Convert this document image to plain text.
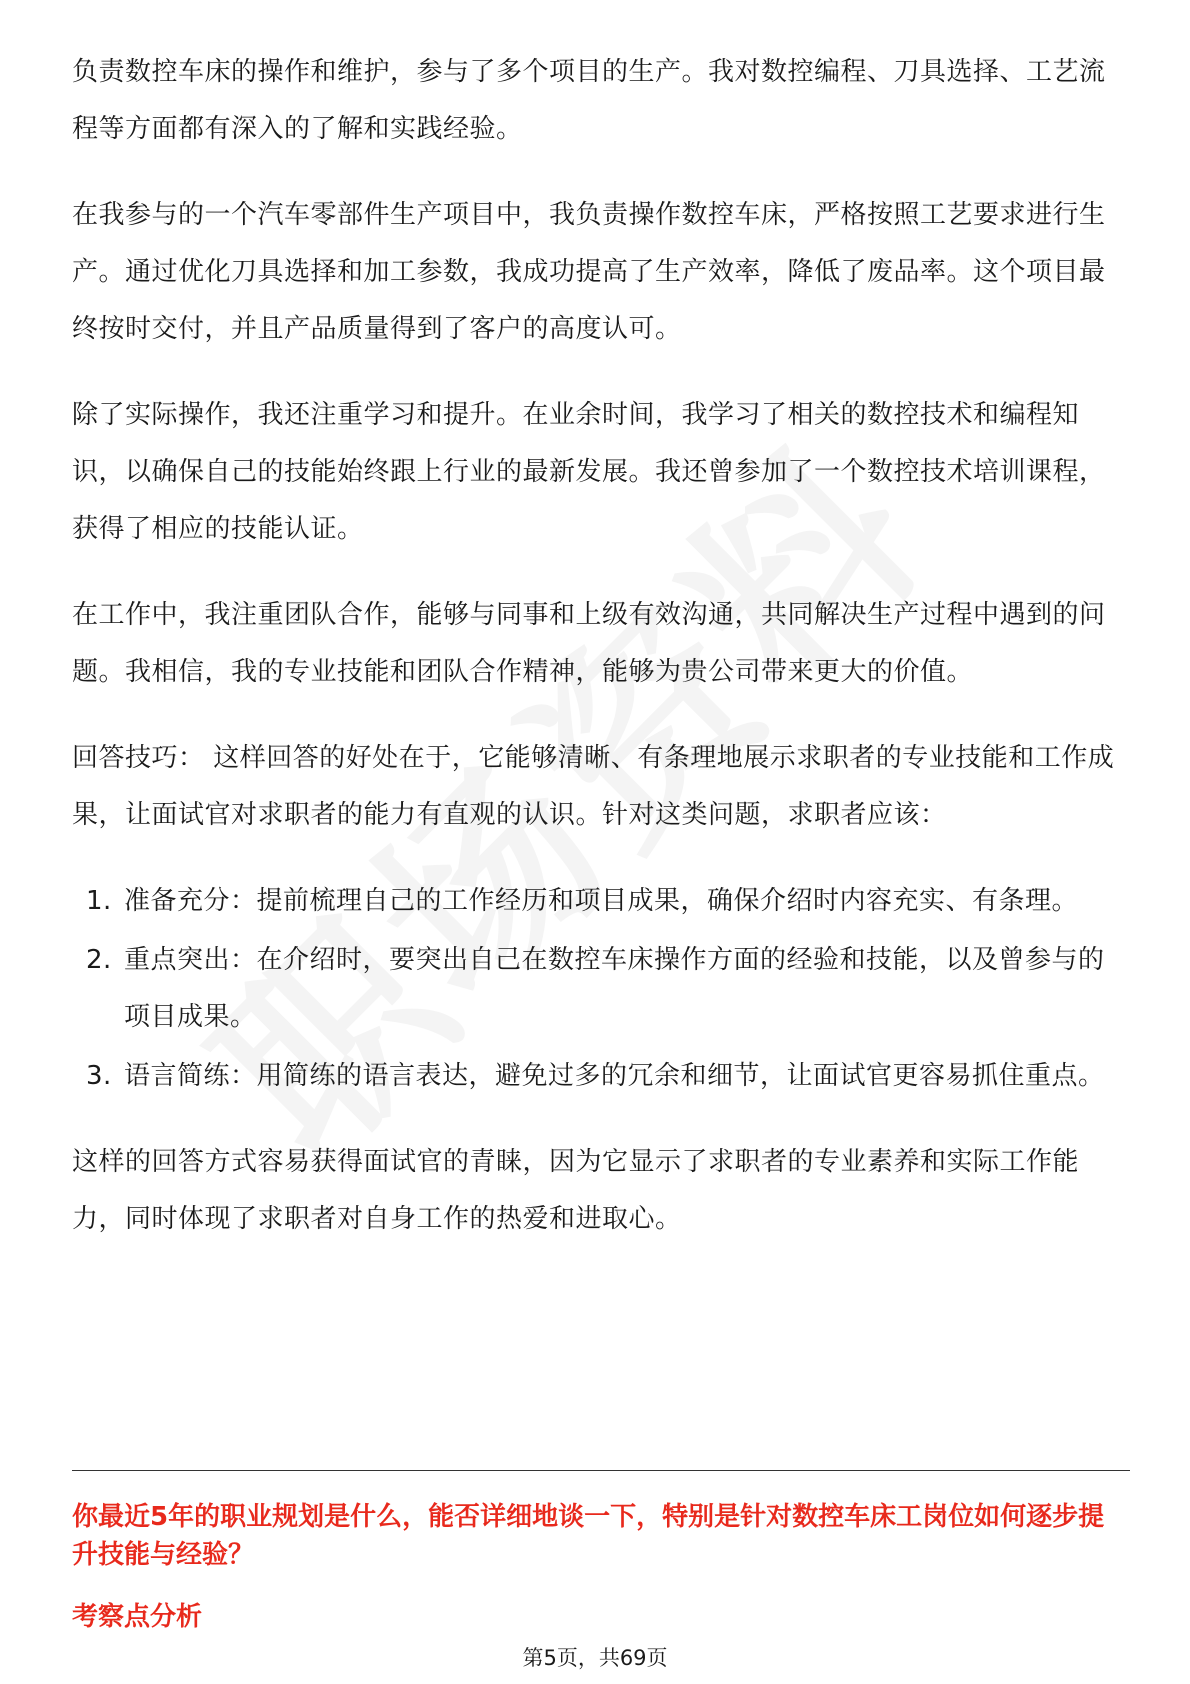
负责数控车床的操作和维护，参与了多个项目的生产。我对数控编程、刀具选择、工艺流程等方面都有深入的了解和实践经验。

在我参与的一个汽车零部件生产项目中，我负责操作数控车床，严格按照工艺要求进行生产。通过优化刀具选择和加工参数，我成功提高了生产效率，降低了废品率。这个项目最终按时交付，并且产品质量得到了客户的高度认可。

除了实际操作，我还注重学习和提升。在业余时间，我学习了相关的数控技术和编程知识，以确保自己的技能始终跟上行业的最新发展。我还曾参加了一个数控技术培训课程，获得了相应的技能认证。

在工作中，我注重团队合作，能够与同事和上级有效沟通，共同解决生产过程中遇到的问题。我相信，我的专业技能和团队合作精神，能够为贵公司带来更大的价值。

回答技巧： 这样回答的好处在于，它能够清晰、有条理地展示求职者的专业技能和工作成果，让面试官对求职者的能力有直观的认识。针对这类问题，求职者应该：

1. 准备充分：提前梳理自己的工作经历和项目成果，确保介绍时内容充实、有条理。
2. 重点突出：在介绍时，要突出自己在数控车床操作方面的经验和技能，以及曾参与的项目成果。
3. 语言简练：用简练的语言表达，避免过多的冗余和细节，让面试官更容易抓住重点。

这样的回答方式容易获得面试官的青睐，因为它显示了求职者的专业素养和实际工作能力，同时体现了求职者对自身工作的热爱和进取心。

你最近5年的职业规划是什么，能否详细地谈一下，特别是针对数控车床工岗位如何逐步提升技能与经验？
考察点分析
第5页，共69页
